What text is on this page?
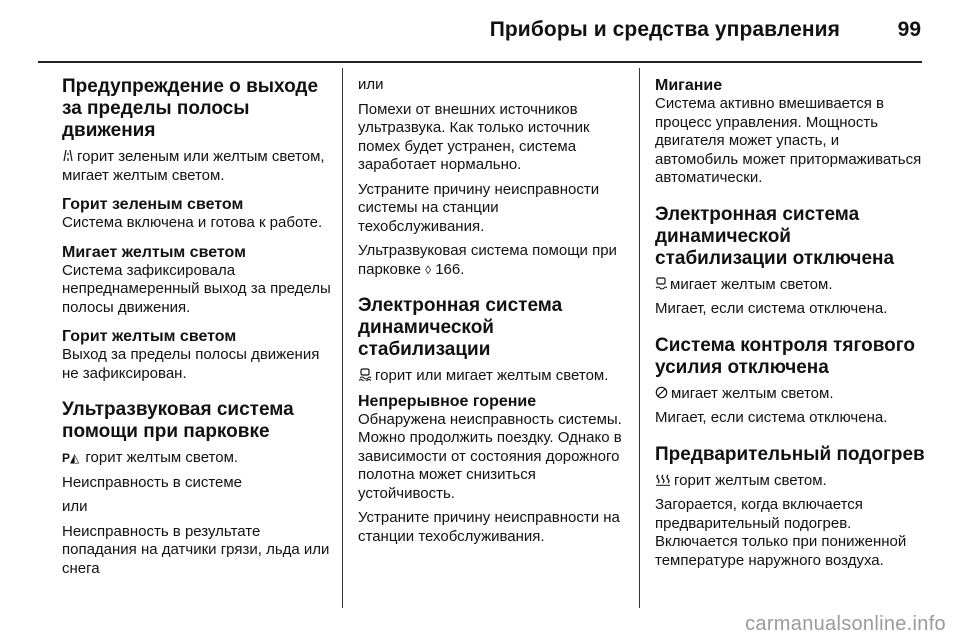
Приборы и средства управления	99
Предупреждение о выходе за пределы полосы движения

горит зеленым или желтым светом, мигает желтым светом.

Горит зеленым светом

Система включена и готова к работе.

Мигает желтым светом

Система зафиксировала непреднамеренный выход за пределы полосы движения.

Горит желтым светом

Выход за пределы полосы движения не зафиксирован.

Ультразвуковая система помощи при парковке

P◭ горит желтым светом.

Неисправность в системе

или

Неисправность в результате попадания на датчики грязи, льда или снега

или

Помехи от внешних источников ультразвука. Как только источник помех будет устранен, система заработает нормально.

Устраните причину неисправности системы на станции техобслуживания.

Ультразвуковая система помощи при парковке ◊ 166.

Электронная система динамической стабилизации

горит или мигает желтым светом.

Непрерывное горение

Обнаружена неисправность системы. Можно продолжить поездку. Однако в зависимости от состояния дорожного полотна может снизиться устойчивость.

Устраните причину неисправности на станции техобслуживания.

Мигание

Система активно вмешивается в процесс управления. Мощность двигателя может упасть, и автомобиль может притормаживаться автоматически.

Электронная система динамической стабилизации отключена

мигает желтым светом.

Мигает, если система отключена.

Система контроля тягового усилия отключена

мигает желтым светом.

Мигает, если система отключена.

Предварительный подогрев

горит желтым светом.

Загорается, когда включается предварительный подогрев. Включается только при пониженной температуре наружного воздуха.

carmanualsonline.info
